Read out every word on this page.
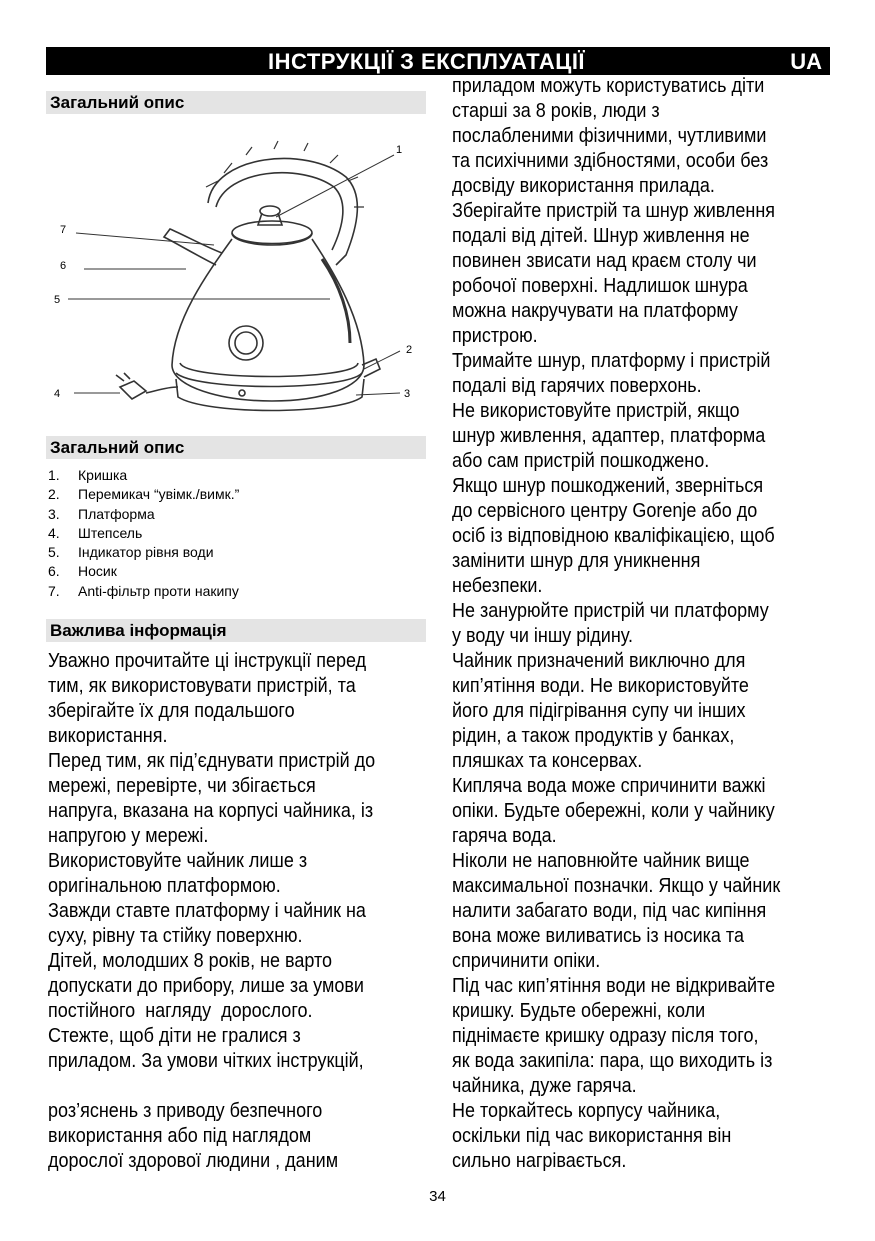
ІНСТРУКЦІЇ З ЕКСПЛУАТАЦІЇ	UA
Загальний опис
1
2
3
4
5
6
7
Загальний опис
1. Кришка
2. Перемикач “увімк./вимк.”
3. Платформа
4. Штепсель
5. Індикатор рівня води
6. Носик
7. Anti-фільтр проти накипу
Важлива інформація
Уважно прочитайте ці інструкції перед
тим, як використовувати пристрій, та
зберігайте їх для подальшого
використання.
Перед тим, як під’єднувати пристрій до
мережі, перевірте, чи збігається
напруга, вказана на корпусі чайника, із
напругою у мережі.
Використовуйте чайник лише з
оригінальною платформою.
Завжди ставте платформу і чайник на
суху, рівну та стійку поверхню.
Дітей, молодших 8 років, не варто
допускати до прибору, лише за умови
постійного  нагляду  дорослого.
Стежте, щоб діти не гралися з
приладом. За умови чітких інструкцій,
роз’яснень з приводу безпечного
використання або під наглядом
дорослої здорової людини , даним
приладом можуть користуватись діти
старші за 8 років, люди з
послабленими фізичними, чутливими
та психічними здібностями, особи без
досвіду використання прилада.
Зберігайте пристрій та шнур живлення
подалі від дітей. Шнур живлення не
повинен звисати над краєм столу чи
робочої поверхні. Надлишок шнура
можна накручувати на платформу
пристрою.
Тримайте шнур, платформу і пристрій
подалі від гарячих поверхонь.
Не використовуйте пристрій, якщо
шнур живлення, адаптер, платформа
або сам пристрій пошкоджено.
Якщо шнур пошкоджений, зверніться
до сервісного центру Gorenje або до
осіб із відповідною кваліфікацією, щоб
замінити шнур для уникнення
небезпеки.
Не занурюйте пристрій чи платформу
у воду чи іншу рідину.
Чайник призначений виключно для
кип’ятіння води. Не використовуйте
його для підігрівання супу чи інших
рідин, а також продуктів у банках,
пляшках та консервах.
Кипляча вода може спричинити важкі
опіки. Будьте обережні, коли у чайнику
гаряча вода.
Ніколи не наповнюйте чайник вище
максимальної позначки. Якщо у чайник
налити забагато води, під час кипіння
вона може виливатись із носика та
спричинити опіки.
Під час кип’ятіння води не відкривайте
кришку. Будьте обережні, коли
піднімаєте кришку одразу після того,
як вода закипіла: пара, що виходить із
чайника, дуже гаряча.
Не торкайтесь корпусу чайника,
оскільки під час використання він
сильно нагрівається.
34
